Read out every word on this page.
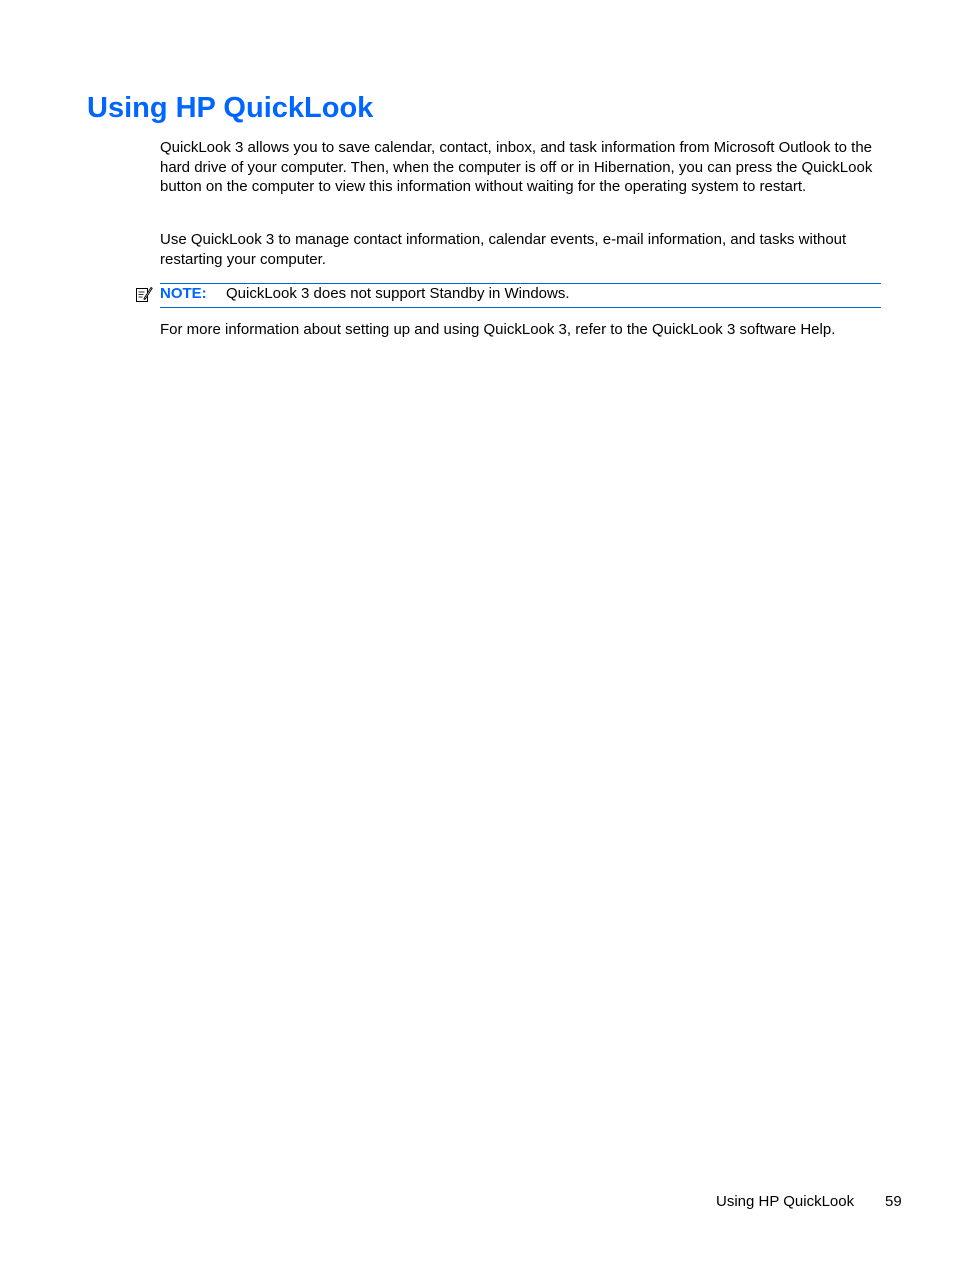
Using HP QuickLook

QuickLook 3 allows you to save calendar, contact, inbox, and task information from Microsoft Outlook to the hard drive of your computer. Then, when the computer is off or in Hibernation, you can press the QuickLook button on the computer to view this information without waiting for the operating system to restart.

Use QuickLook 3 to manage contact information, calendar events, e-mail information, and tasks without restarting your computer.

NOTE: QuickLook 3 does not support Standby in Windows.

For more information about setting up and using QuickLook 3, refer to the QuickLook 3 software Help.

Using HP QuickLook 59
